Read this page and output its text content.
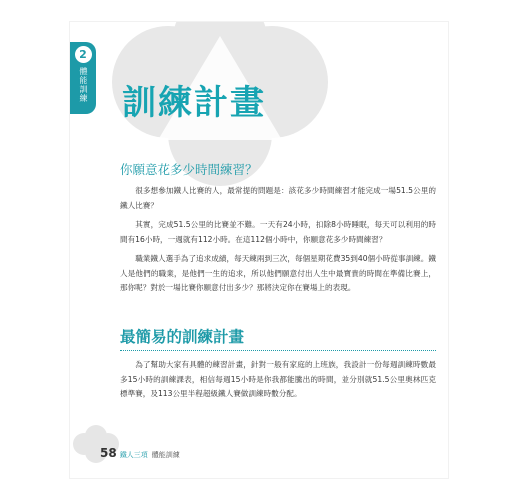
2
體能訓練 訓練計畫
你願意花多少時間練習？

很多想參加鐵人比賽的人，最常提的問題是：該花多少時間練習才能完成一場51.5公里的鐵人比賽？

其實，完成51.5公里的比賽並不難。一天有24小時，扣除8小時睡眠，每天可以利用的時間有16小時，一週就有112小時。在這112個小時中，你願意花多少時間練習？

職業鐵人選手為了追求成績，每天練兩到三次，每個星期花費35到40個小時從事訓練。鐵人是他們的職業，是他們一生的追求，所以他們願意付出人生中最寶貴的時間在準備比賽上，那你呢？對於一場比賽你願意付出多少？那將決定你在賽場上的表現。

最簡易的訓練計畫

為了幫助大家有具體的練習計畫，針對一般有家庭的上班族，我設計一份每週訓練時數最多15小時的訓練課表，相信每週15小時是你我都能騰出的時間，並分別就51.5公里奧林匹克標準賽，及113公里半程超級鐵人賽做訓練時數分配。

58 鐵人三項 體能訓練
